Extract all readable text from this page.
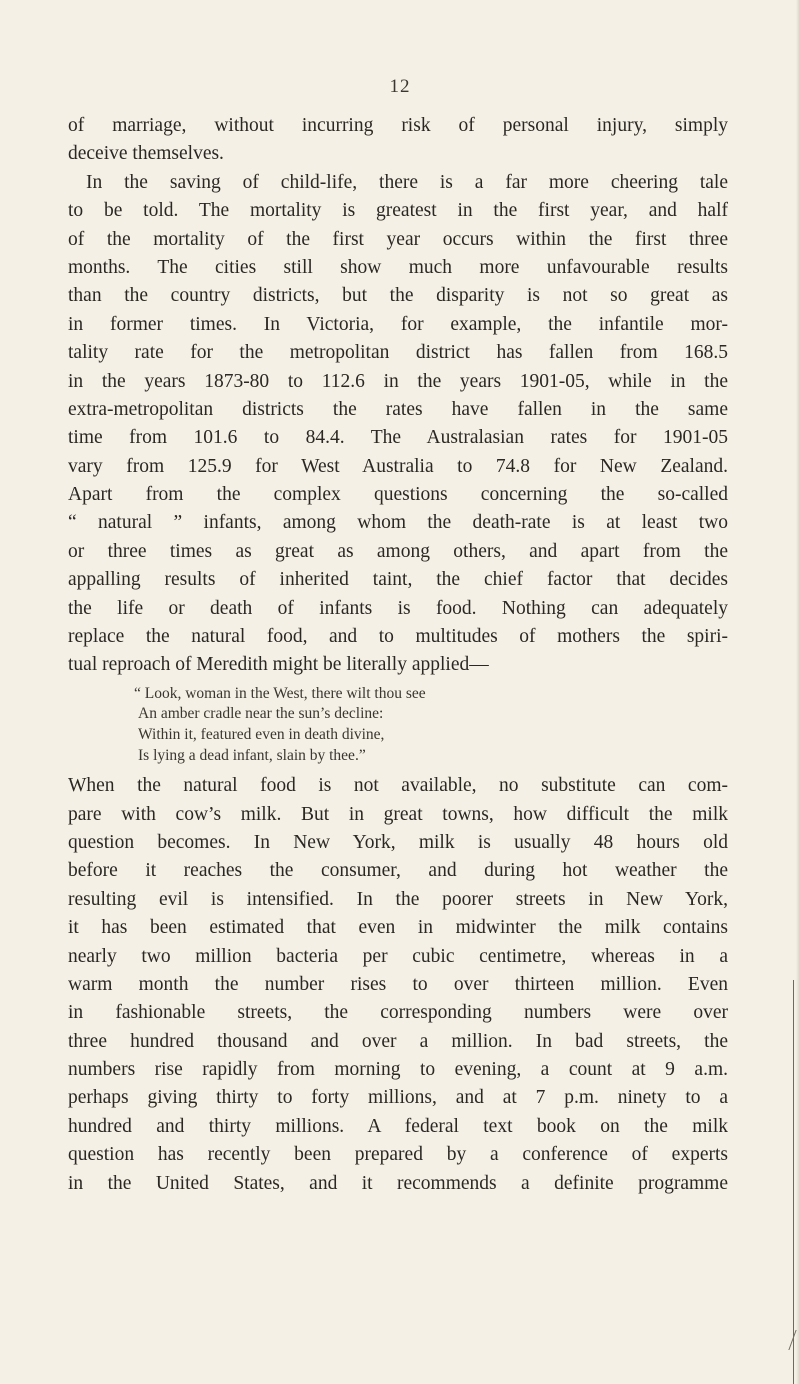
12
of marriage, without incurring risk of personal injury, simply
deceive themselves.
In the saving of child-life, there is a far more cheering tale
to be told. The mortality is greatest in the first year, and half
of the mortality of the first year occurs within the first three
months. The cities still show much more unfavourable results
than the country districts, but the disparity is not so great as
in former times. In Victoria, for example, the infantile mor-
tality rate for the metropolitan district has fallen from 168.5
in the years 1873-80 to 112.6 in the years 1901-05, while in the
extra-metropolitan districts the rates have fallen in the same
time from 101.6 to 84.4. The Australasian rates for 1901-05
vary from 125.9 for West Australia to 74.8 for New Zealand.
Apart from the complex questions concerning the so-called
“ natural ” infants, among whom the death-rate is at least two
or three times as great as among others, and apart from the
appalling results of inherited taint, the chief factor that decides
the life or death of infants is food. Nothing can adequately
replace the natural food, and to multitudes of mothers the spiri-
tual reproach of Meredith might be literally applied—
“ Look, woman in the West, there wilt thou see
An amber cradle near the sun’s decline:
Within it, featured even in death divine,
Is lying a dead infant, slain by thee.”
When the natural food is not available, no substitute can com-
pare with cow’s milk. But in great towns, how difficult the milk
question becomes. In New York, milk is usually 48 hours old
before it reaches the consumer, and during hot weather the
resulting evil is intensified. In the poorer streets in New York,
it has been estimated that even in midwinter the milk contains
nearly two million bacteria per cubic centimetre, whereas in a
warm month the number rises to over thirteen million. Even
in fashionable streets, the corresponding numbers were over
three hundred thousand and over a million. In bad streets, the
numbers rise rapidly from morning to evening, a count at 9 a.m.
perhaps giving thirty to forty millions, and at 7 p.m. ninety to a
hundred and thirty millions. A federal text book on the milk
question has recently been prepared by a conference of experts
in the United States, and it recommends a definite programme
